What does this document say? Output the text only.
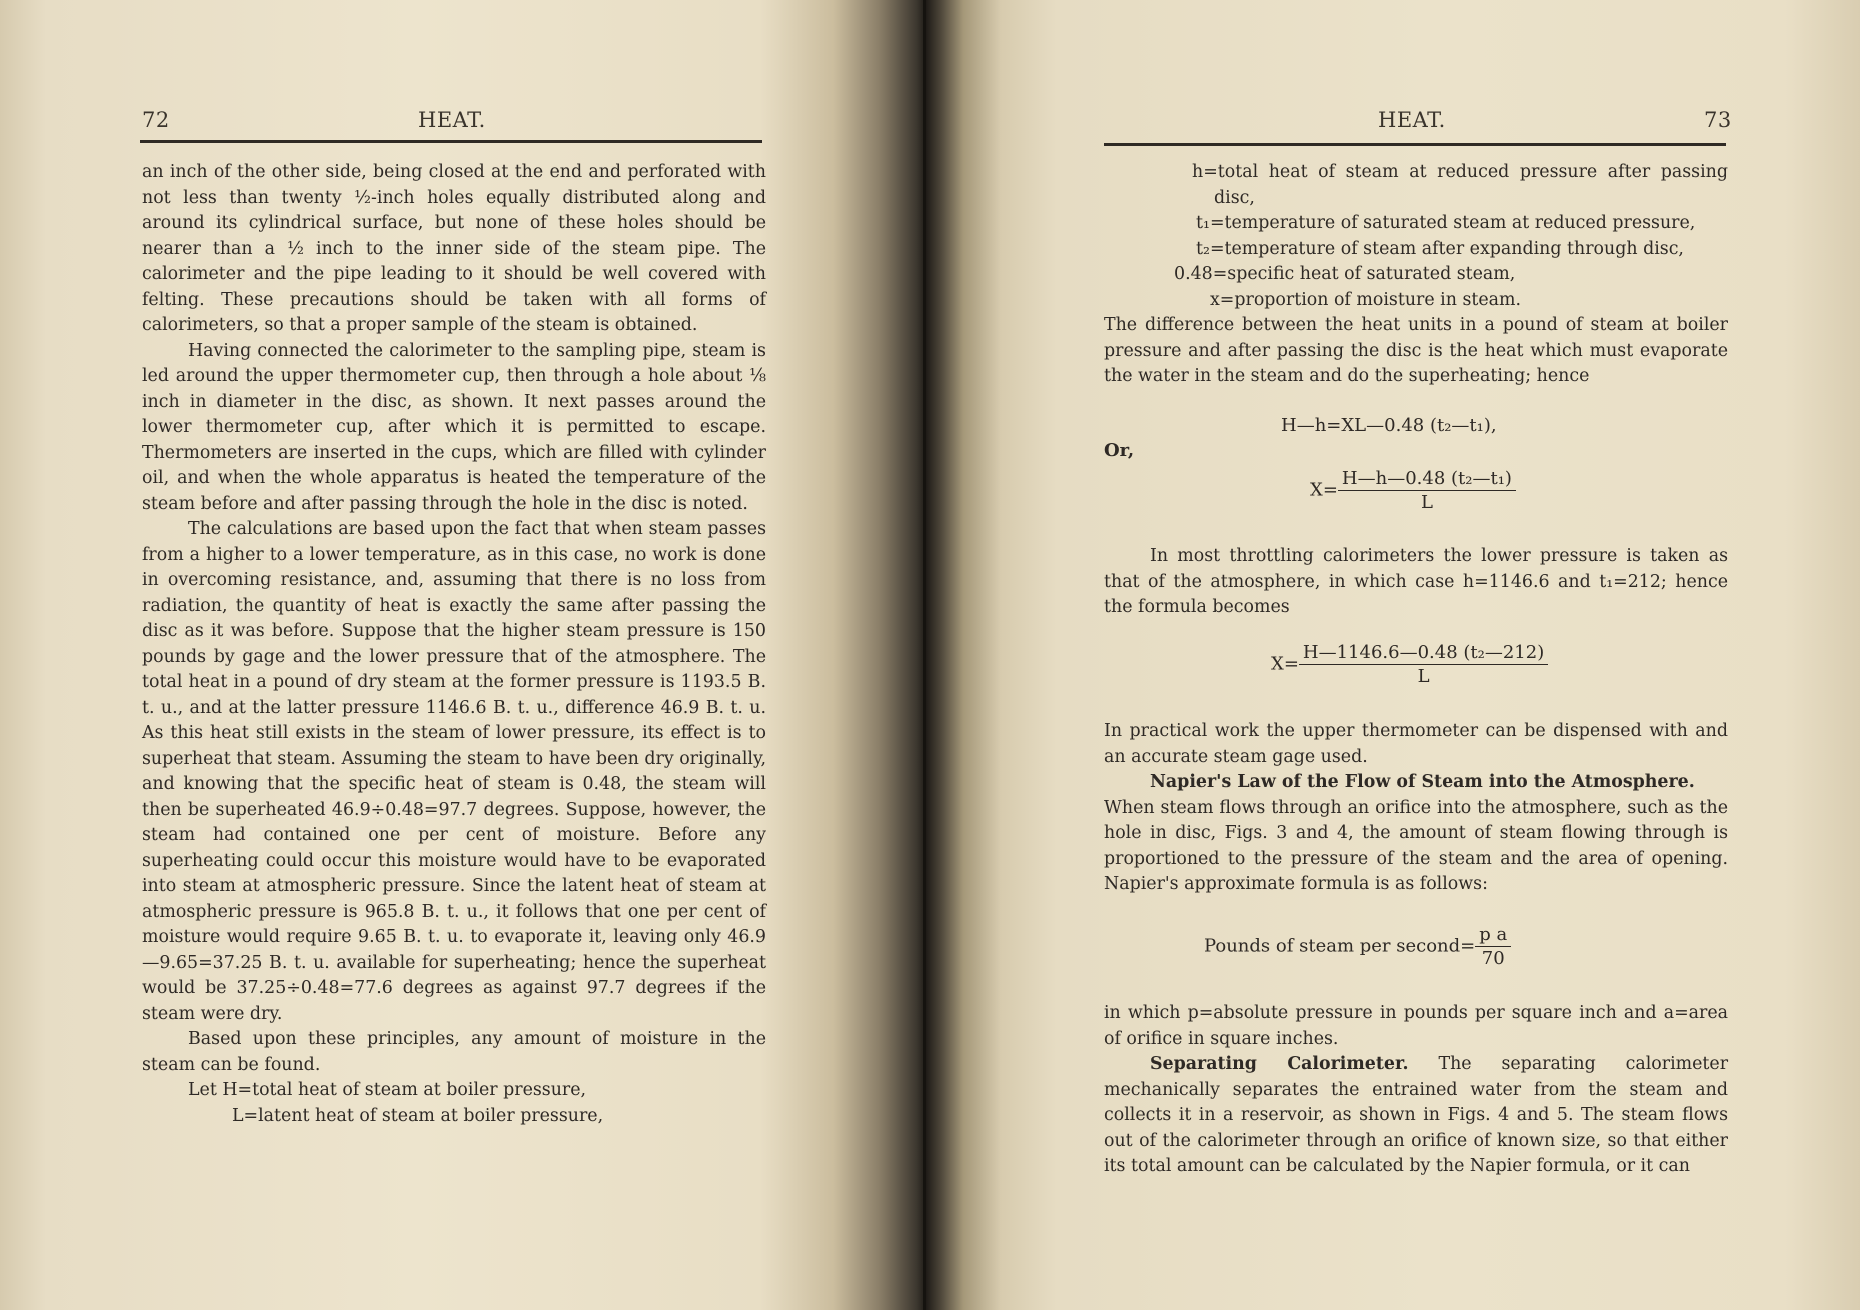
72	HEAT.

an inch of the other side, being closed at the end and perforated with not less than twenty ½-inch holes equally distributed along and around its cylindrical surface, but none of these holes should be nearer than a ½ inch to the inner side of the steam pipe. The calorimeter and the pipe leading to it should be well covered with felting. These precautions should be taken with all forms of calorimeters, so that a proper sample of the steam is obtained.

Having connected the calorimeter to the sampling pipe, steam is led around the upper thermometer cup, then through a hole about ⅛ inch in diameter in the disc, as shown. It next passes around the lower thermometer cup, after which it is permitted to escape. Thermometers are inserted in the cups, which are filled with cylinder oil, and when the whole apparatus is heated the temperature of the steam before and after passing through the hole in the disc is noted.

The calculations are based upon the fact that when steam passes from a higher to a lower temperature, as in this case, no work is done in overcoming resistance, and, assuming that there is no loss from radiation, the quantity of heat is exactly the same after passing the disc as it was before. Suppose that the higher steam pressure is 150 pounds by gage and the lower pressure that of the atmosphere. The total heat in a pound of dry steam at the former pressure is 1193.5 B. t. u., and at the latter pressure 1146.6 B. t. u., difference 46.9 B. t. u. As this heat still exists in the steam of lower pressure, its effect is to superheat that steam. Assuming the steam to have been dry originally, and knowing that the specific heat of steam is 0.48, the steam will then be superheated 46.9÷0.48=97.7 degrees. Suppose, however, the steam had contained one per cent of moisture. Before any superheating could occur this moisture would have to be evaporated into steam at atmospheric pressure. Since the latent heat of steam at atmospheric pressure is 965.8 B. t. u., it follows that one per cent of moisture would require 9.65 B. t. u. to evaporate it, leaving only 46.9—9.65=37.25 B. t. u. available for superheating; hence the superheat would be 37.25÷0.48=77.6 degrees as against 97.7 degrees if the steam were dry.

Based upon these principles, any amount of moisture in the steam can be found.

Let H=total heat of steam at boiler pressure,

L=latent heat of steam at boiler pressure,

HEAT.	73

h=total heat of steam at reduced pressure after passing disc,

t₁=temperature of saturated steam at reduced pressure,

t₂=temperature of steam after expanding through disc,

0.48=specific heat of saturated steam,

x=proportion of moisture in steam.

The difference between the heat units in a pound of steam at boiler pressure and after passing the disc is the heat which must evaporate the water in the steam and do the superheating; hence

H—h=XL—0.48 (t₂—t₁),
Or,
$X= \frac{\text{H—h—0.48 (t₂—t₁)}}{L}$

In most throttling calorimeters the lower pressure is taken as that of the atmosphere, in which case h=1146.6 and t₁=212; hence the formula becomes

$X= \frac{\text{H—1146.6—0.48 (t₂—212)}}{L}$

In practical work the upper thermometer can be dispensed with and an accurate steam gage used.

Napier's Law of the Flow of Steam into the Atmosphere.

When steam flows through an orifice into the atmosphere, such as the hole in disc, Figs. 3 and 4, the amount of steam flowing through is proportioned to the pressure of the steam and the area of opening. Napier's approximate formula is as follows:

Pounds of steam per second= $\frac{\text{p a}}{70}$

in which p=absolute pressure in pounds per square inch and a=area of orifice in square inches.

Separating Calorimeter. The separating calorimeter mechanically separates the entrained water from the steam and collects it in a reservoir, as shown in Figs. 4 and 5. The steam flows out of the calorimeter through an orifice of known size, so that either its total amount can be calculated by the Napier formula, or it can
